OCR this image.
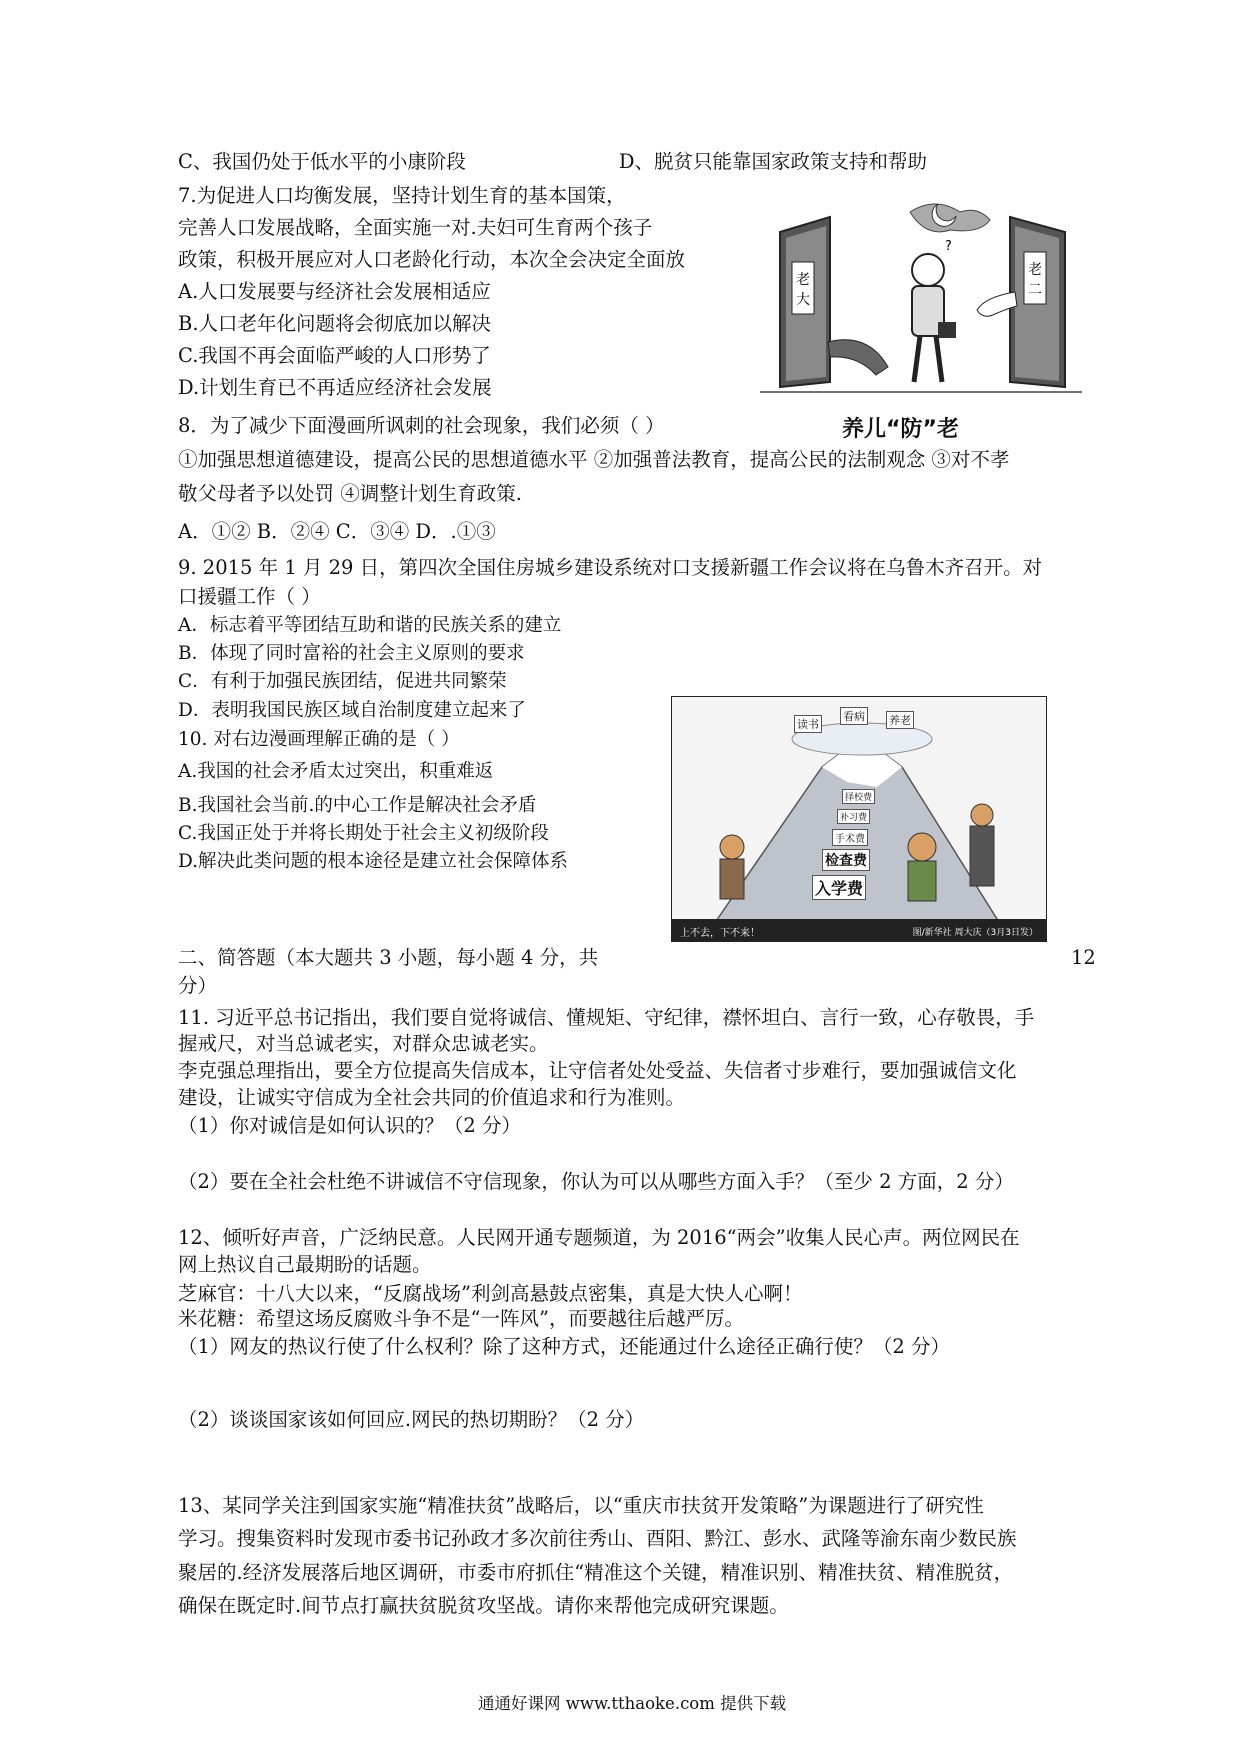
C、我国仍处于低水平的小康阶段	D、脱贫只能靠国家政策支持和帮助
7.为促进人口均衡发展，坚持计划生育的基本国策，
完善人口发展战略，全面实施一对.夫妇可生育两个孩子
政策，积极开展应对人口老龄化行动，本次全会决定全面放
A.人口发展要与经济社会发展相适应
B.人口老年化问题将会彻底加以解决
C.我国不再会面临严峻的人口形势了
D.计划生育已不再适应经济社会发展
老
大
老
二
?
养儿“防”老
8．为了减少下面漫画所讽刺的社会现象，我们必须（ ）
①加强思想道德建设，提高公民的思想道德水平 ②加强普法教育，提高公民的法制观念 ③对不孝
敬父母者予以处罚 ④调整计划生育政策.
A．①② B．②④ C．③④ D．.①③
9. 2015 年 1 月 29 日，第四次全国住房城乡建设系统对口支援新疆工作会议将在乌鲁木齐召开。对
口援疆工作（ ）
A．标志着平等团结互助和谐的民族关系的建立
B．体现了同时富裕的社会主义原则的要求
C．有利于加强民族团结，促进共同繁荣
D．表明我国民族区域自治制度建立起来了
10. 对右边漫画理解正确的是（ ）
A.我国的社会矛盾太过突出，积重难返
B.我国社会当前.的中心工作是解决社会矛盾
C.我国正处于并将长期处于社会主义初级阶段
D.解决此类问题的根本途径是建立社会保障体系
读书
看病 养老
择校费
补习费
手术费
检查费
入学费
上不去，下不来！	图/新华社 周大庆（3月3日发）
二、简答题（本大题共 3 小题，每小题 4 分，共	12
分）
11. 习近平总书记指出，我们要自觉将诚信、懂规矩、守纪律，襟怀坦白、言行一致，心存敬畏，手
握戒尺，对当总诚老实，对群众忠诚老实。
李克强总理指出，要全方位提高失信成本，让守信者处处受益、失信者寸步难行，要加强诚信文化
建设，让诚实守信成为全社会共同的价值追求和行为准则。
（1）你对诚信是如何认识的？（2 分）
（2）要在全社会杜绝不讲诚信不守信现象，你认为可以从哪些方面入手？（至少 2 方面，2 分）
12、倾听好声音，广泛纳民意。人民网开通专题频道，为 2016“两会”收集人民心声。两位网民在
网上热议自己最期盼的话题。
芝麻官：十八大以来，“反腐战场”利剑高悬鼓点密集，真是大快人心啊！
米花糖：希望这场反腐败斗争不是“一阵风”，而要越往后越严厉。
（1）网友的热议行使了什么权利？除了这种方式，还能通过什么途径正确行使？（2 分）
（2）谈谈国家该如何回应.网民的热切期盼？（2 分）
13、某同学关注到国家实施“精准扶贫”战略后，以“重庆市扶贫开发策略”为课题进行了研究性
学习。搜集资料时发现市委书记孙政才多次前往秀山、酉阳、黔江、彭水、武隆等渝东南少数民族
聚居的.经济发展落后地区调研，市委市府抓住“精准这个关键，精准识别、精准扶贫、精准脱贫，
确保在既定时.间节点打赢扶贫脱贫攻坚战。请你来帮他完成研究课题。
通通好课网 www.tthaoke.com 提供下载
